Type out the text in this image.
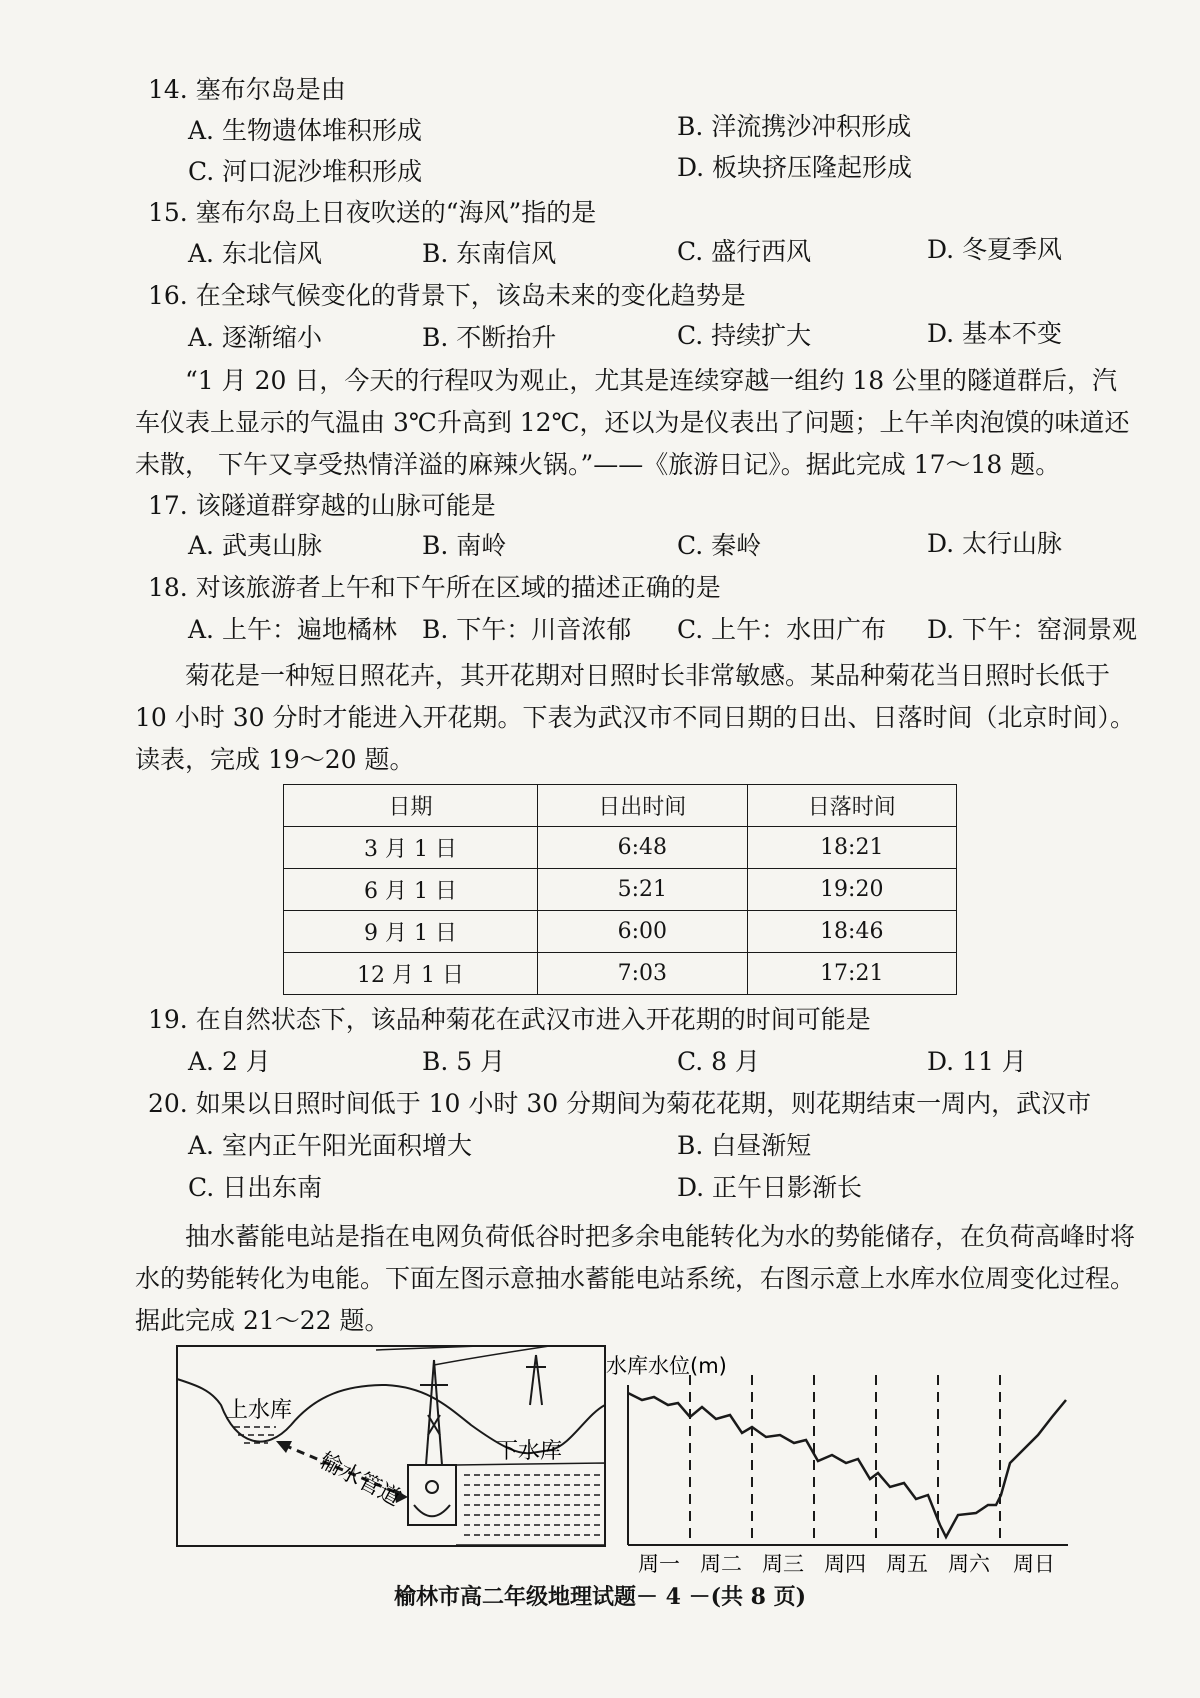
14. 塞布尔岛是由
A. 生物遗体堆积形成	B. 洋流携沙冲积形成
C. 河口泥沙堆积形成	D. 板块挤压隆起形成
15. 塞布尔岛上日夜吹送的“海风”指的是
A. 东北信风	B. 东南信风	C. 盛行西风	D. 冬夏季风
16. 在全球气候变化的背景下，该岛未来的变化趋势是
A. 逐渐缩小	B. 不断抬升	C. 持续扩大	D. 基本不变
“1 月 20 日，今天的行程叹为观止，尤其是连续穿越一组约 18 公里的隧道群后，汽车仪表上显示的气温由 3℃升高到 12℃，还以为是仪表出了问题；上午羊肉泡馍的味道还未散， 下午又享受热情洋溢的麻辣火锅。”——《旅游日记》。据此完成 17～18 题。
17. 该隧道群穿越的山脉可能是
A. 武夷山脉	B. 南岭	C. 秦岭	D. 太行山脉
18. 对该旅游者上午和下午所在区域的描述正确的是
A. 上午：遍地橘林 B. 下午：川音浓郁 C. 上午：水田广布 D. 下午：窑洞景观
菊花是一种短日照花卉，其开花期对日照时长非常敏感。某品种菊花当日照时长低于 10 小时 30 分时才能进入开花期。下表为武汉市不同日期的日出、日落时间（北京时间）。读表，完成 19～20 题。
日期	日出时间	日落时间
3 月 1 日	6:48	18:21
6 月 1 日	5:21	19:20
9 月 1 日	6:00	18:46
12 月 1 日	7:03	17:21
19. 在自然状态下，该品种菊花在武汉市进入开花期的时间可能是
A. 2 月	B. 5 月	C. 8 月	D. 11 月
20. 如果以日照时间低于 10 小时 30 分期间为菊花花期，则花期结束一周内，武汉市
A. 室内正午阳光面积增大	B. 白昼渐短
C. 日出东南	D. 正午日影渐长
抽水蓄能电站是指在电网负荷低谷时把多余电能转化为水的势能储存，在负荷高峰时将水的势能转化为电能。下面左图示意抽水蓄能电站系统，右图示意上水库水位周变化过程。据此完成 21～22 题。
上水库
下水库
输水管道
水库水位(m)
周一 周二 周三 周四 周五 周六 周日
榆林市高二年级地理试题－ 4 －(共 8 页)
